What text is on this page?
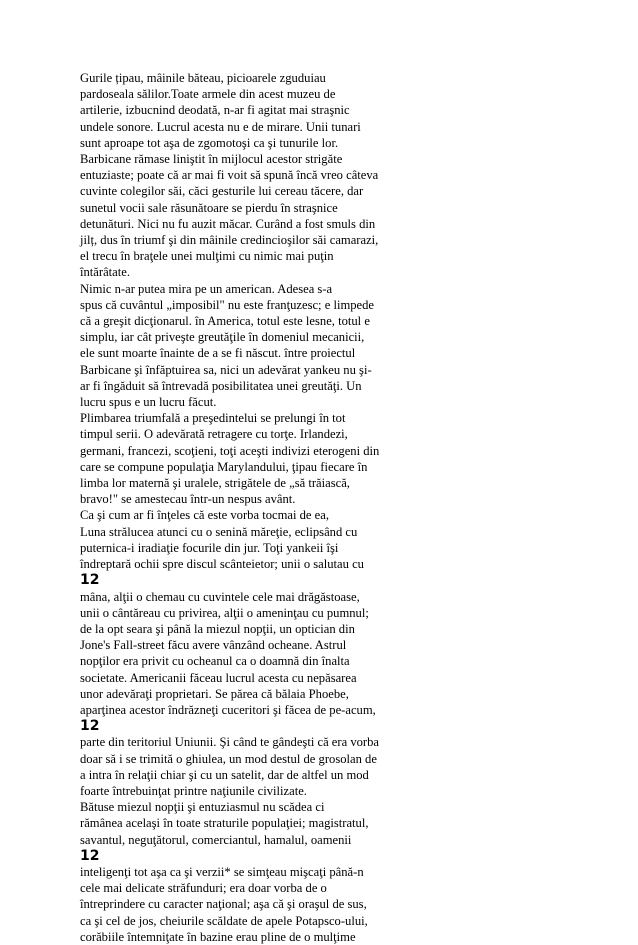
Gurile țipau, mâinile băteau, picioarele zguduiau
pardoseala sălilor.Toate armele din acest muzeu de
artilerie, izbucnind deodată, n-ar fi agitat mai straşnic
undele sonore. Lucrul acesta nu e de mirare. Unii tunari
sunt aproape tot aşa de zgomotoşi ca şi tunurile lor.
Barbicane rămase liniştit în mijlocul acestor strigăte
entuziaste; poate că ar mai fi voit să spună încă vreo câteva
cuvinte colegilor săi, căci gesturile lui cereau tăcere, dar
sunetul vocii sale răsunătoare se pierdu în straşnice
detunături. Nici nu fu auzit măcar. Curând a fost smuls din
jilț, dus în triumf şi din mâinile credincioşilor săi camarazi,
el trecu în braţele unei mulţimi cu nimic mai puţin
întărâtate.
Nimic n-ar putea mira pe un american. Adesea s-a
spus că cuvântul „imposibil" nu este franţuzesc; e limpede
că a greşit dicţionarul. în America, totul este lesne, totul e
simplu, iar cât priveşte greutăţile în domeniul mecanicii,
ele sunt moarte înainte de a se fi născut. între proiectul
Barbicane şi înfăptuirea sa, nici un adevărat yankeu nu şi-
ar fi îngăduit să întrevadă posibilitatea unei greutăţi. Un
lucru spus e un lucru făcut.
Plimbarea triumfală a preşedintelui se prelungi în tot
timpul serii. O adevărată retragere cu torţe. Irlandezi,
germani, francezi, scoţieni, toţi aceşti indivizi eterogeni din
care se compune populaţia Marylandului, ţipau fiecare în
limba lor maternă şi uralele, strigătele de „să trăiască,
bravo!" se amestecau într-un nespus avânt.
Ca şi cum ar fi înţeles că este vorba tocmai de ea,
Luna strălucea atunci cu o senină măreţie, eclipsând cu
puternica-i iradiaţie focurile din jur. Toţi yankeii îşi
îndreptară ochii spre discul scânteietor; unii o salutau cu
12
mâna, alţii o chemau cu cuvintele cele mai drăgăstoase,
unii o cântăreau cu privirea, alţii o ameninţau cu pumnul;
de la opt seara şi până la miezul nopţii, un optician din
Jone's Fall-street făcu avere vânzând ocheane. Astrul
nopţilor era privit cu ocheanul ca o doamnă din înalta
societate. Americanii făceau lucrul acesta cu nepăsarea
unor adevăraţi proprietari. Se părea că bălaia Phoebe,
aparţinea acestor îndrăzneţi cuceritori şi făcea de pe-acum,
12
parte din teritoriul Uniunii. Şi când te gândeşti că era vorba
doar să i se trimită o ghiulea, un mod destul de grosolan de
a intra în relaţii chiar şi cu un satelit, dar de altfel un mod
foarte întrebuinţat printre naţiunile civilizate.
Bătuse miezul nopţii şi entuziasmul nu scădea ci
rămânea acelaşi în toate straturile populaţiei; magistratul,
savantul, neguţătorul, comerciantul, hamalul, oamenii
12
inteligenţi tot aşa ca şi verzii* se simţeau mişcaţi până-n
cele mai delicate străfunduri; era doar vorba de o
întreprindere cu caracter naţional; aşa că şi oraşul de sus,
ca şi cel de jos, cheiurile scăldate de apele Potapsco-ului,
corăbiile întemniţate în bazine erau pline de o mulţime
